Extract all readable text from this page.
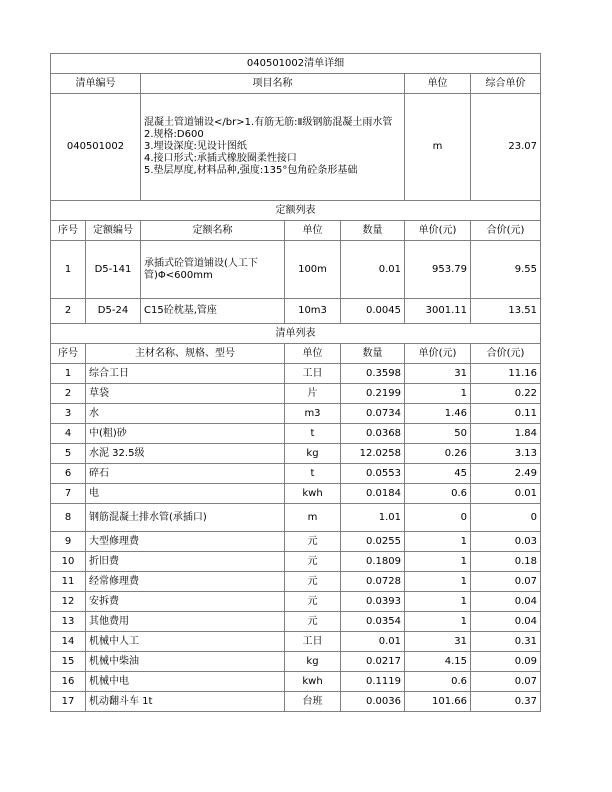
040501002清单详细						
清单编号		项目名称			单位	综合单价
040501002		混凝土管道铺设</br>1.有筋无筋:Ⅱ级钢筋混凝土雨水管
2.规格:D600
3.埋设深度:见设计图纸
4.接口形式:承插式橡胶圈柔性接口
5.垫层厚度,材料品种,强度:135°包角砼条形基础			m	23.07
定额列表						
序号	定额编号	定额名称	单位	数量	单价(元)	合价(元)
1	D5-141	承插式砼管道铺设(人工下管)Φ<600mm	100m	0.01	953.79	9.55
2	D5-24	C15砼枕基,管座	10m3	0.0045	3001.11	13.51
清单列表						
序号	主材名称、规格、型号		单位	数量	单价(元)	合价(元)
1	综合工日		工日	0.3598	31	11.16
2	草袋		片	0.2199	1	0.22
3	水		m3	0.0734	1.46	0.11
4	中(粗)砂		t	0.0368	50	1.84
5	水泥 32.5级		kg	12.0258	0.26	3.13
6	碎石		t	0.0553	45	2.49
7	电		kwh	0.0184	0.6	0.01
8	钢筋混凝土排水管(承插口)		m	1.01	0	0
9	大型修理费		元	0.0255	1	0.03
10	折旧费		元	0.1809	1	0.18
11	经常修理费		元	0.0728	1	0.07
12	安拆费		元	0.0393	1	0.04
13	其他费用		元	0.0354	1	0.04
14	机械中人工		工日	0.01	31	0.31
15	机械中柴油		kg	0.0217	4.15	0.09
16	机械中电		kwh	0.1119	0.6	0.07
17	机动翻斗车 1t		台班	0.0036	101.66	0.37
